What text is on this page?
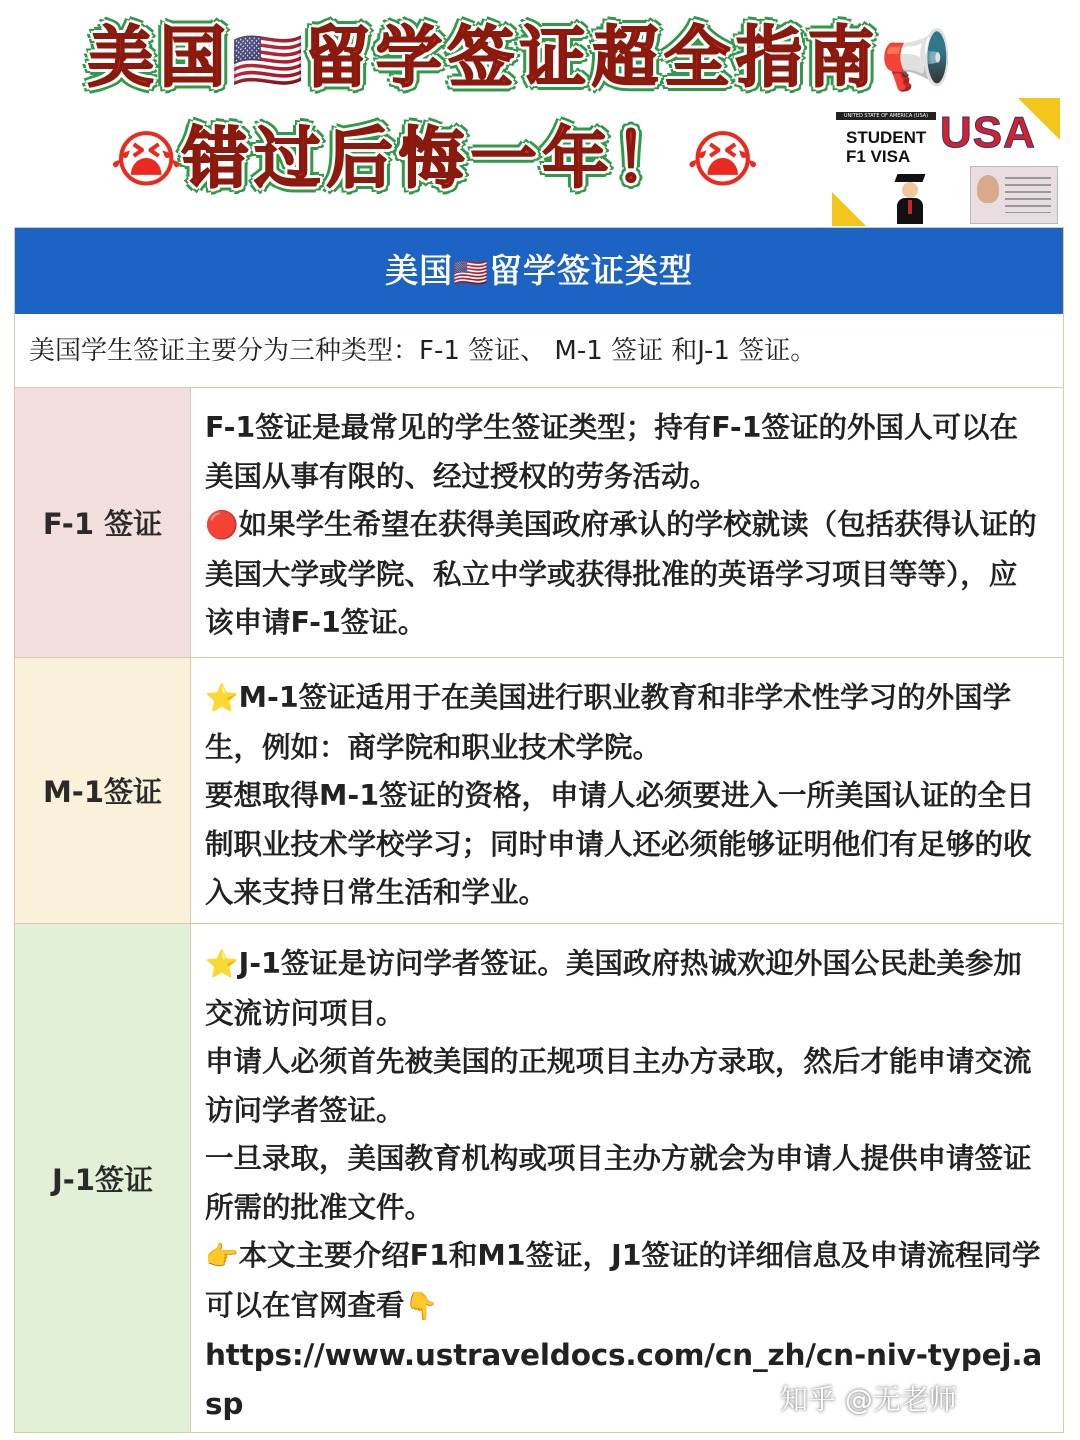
美国🇺🇸留学签证超全指南📢
😭错过后悔一年！😭
UNITED STATE OF AMERICA (USA)
STUDENT
F1 VISA USA
美国🇺🇸留学签证类型
美国学生签证主要分为三种类型：F-1 签证、 M-1 签证 和J-1 签证。
F-1 签证

F-1签证是最常见的学生签证类型；持有F-1签证的外国人可以在美国从事有限的、经过授权的劳务活动。

🔴如果学生希望在获得美国政府承认的学校就读（包括获得认证的美国大学或学院、私立中学或获得批准的英语学习项目等等），应该申请F-1签证。

M-1签证

⭐M-1签证适用于在美国进行职业教育和非学术性学习的外国学生，例如：商学院和职业技术学院。

要想取得M-1签证的资格，申请人必须要进入一所美国认证的全日制职业技术学校学习；同时申请人还必须能够证明他们有足够的收入来支持日常生活和学业。

J-1签证

⭐J-1签证是访问学者签证。美国政府热诚欢迎外国公民赴美参加交流访问项目。

申请人必须首先被美国的正规项目主办方录取，然后才能申请交流访问学者签证。

一旦录取，美国教育机构或项目主办方就会为申请人提供申请签证所需的批准文件。

👉本文主要介绍F1和M1签证，J1签证的详细信息及申请流程同学可以在官网查看👇

https://www.ustraveldocs.com/cn_zh/cn-niv-typej.asp	知乎 @无老师
